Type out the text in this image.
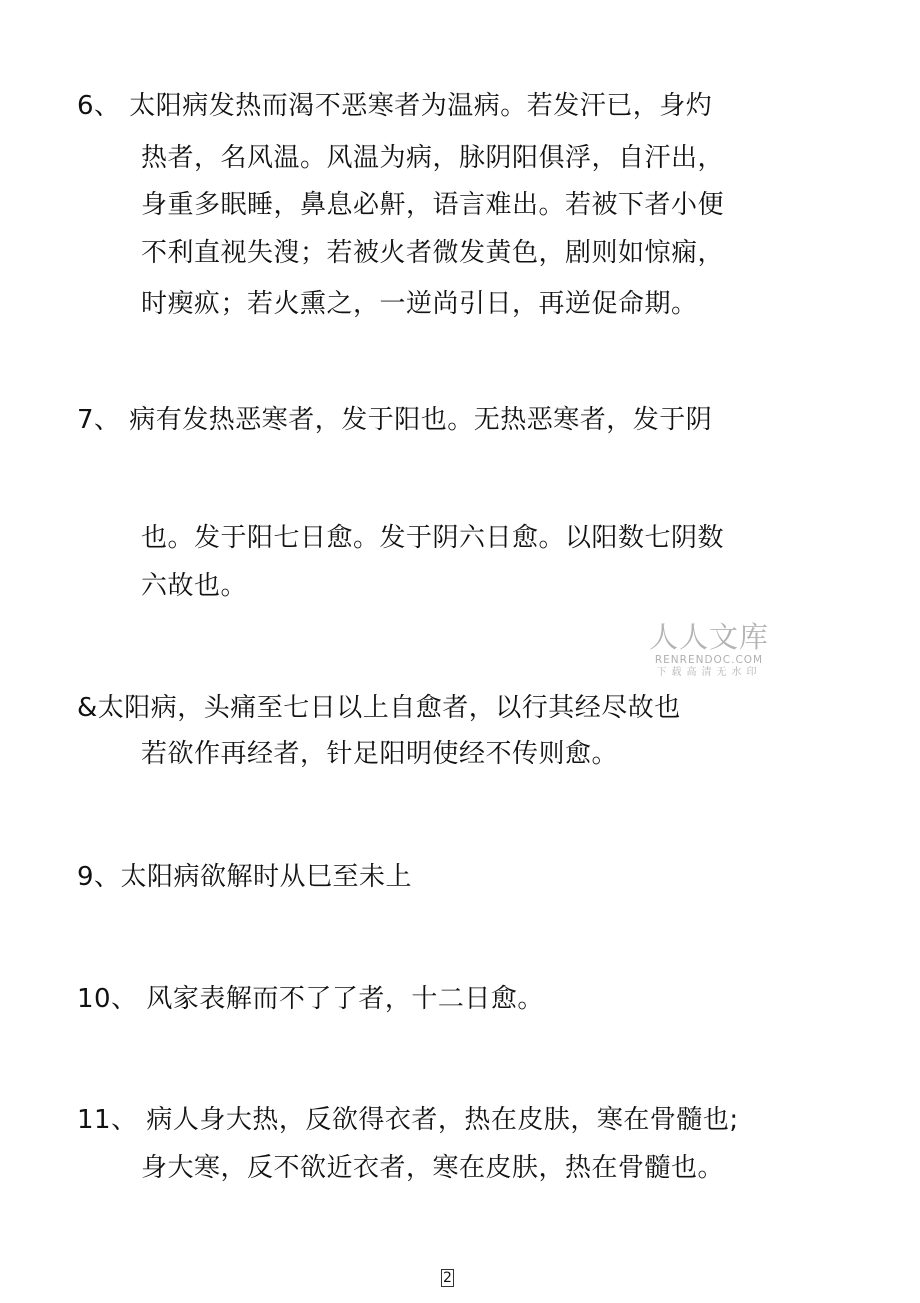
6、 太阳病发热而渴不恶寒者为温病。若发汗已，身灼
热者，名风温。风温为病，脉阴阳俱浮，自汗出，
身重多眠睡，鼻息必鼾，语言难出。若被下者小便
不利直视失溲；若被火者微发黄色，剧则如惊痫，
时瘈疭；若火熏之，一逆尚引日，再逆促命期。
7、 病有发热恶寒者，发于阳也。无热恶寒者，发于阴
也。发于阳七日愈。发于阴六日愈。以阳数七阴数
六故也。
人人文库
RENRENDOC.COM
下载高清无水印
&太阳病，头痛至七日以上自愈者，以行其经尽故也
若欲作再经者，针足阳明使经不传则愈。
9、太阳病欲解时从巳至未上
10、 风家表解而不了了者，十二日愈。
11、 病人身大热，反欲得衣者，热在皮肤，寒在骨髓也;
身大寒，反不欲近衣者，寒在皮肤，热在骨髓也。
2
